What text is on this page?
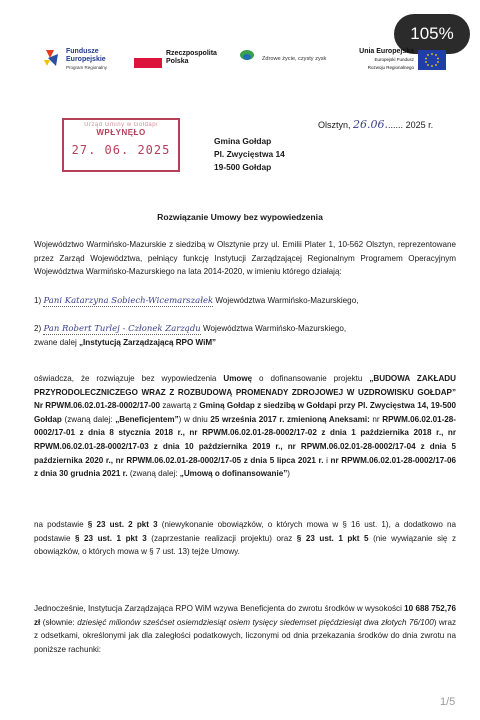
105%
Fundusze
Europejskie
Program Regionalny
Rzeczpospolita
Polska	Zdrowe życie, czysty zysk
Unia Europejska
Europejski Fundusz
Rozwoju Regionalnego
Urząd Gminy w Gołdapi
WPŁYNĘŁO
27. 06. 2025
Olsztyn, 26.06....... 2025 r.
Gmina Gołdap
Pl. Zwycięstwa 14
19-500 Gołdap
Rozwiązanie Umowy bez wypowiedzenia
Województwo Warmińsko-Mazurskie z siedzibą w Olsztynie przy ul. Emilii Plater 1, 10-562 Olsztyn, reprezentowane przez Zarząd Województwa, pełniący funkcję Instytucji Zarządzającej Regionalnym Programem Operacyjnym Województwa Warmińsko-Mazurskiego na lata 2014-2020, w imieniu którego działają:
1) Pani Katarzyna Sobiech-Wicemarszałek Województwa Warmińsko-Mazurskiego,
2) Pan Robert Turlej - Członek Zarządu Województwa Warmińsko-Mazurskiego,
zwane dalej „Instytucją Zarządzającą RPO WiM”
oświadcza, że rozwiązuje bez wypowiedzenia Umowę o dofinansowanie projektu „BUDOWA ZAKŁADU PRZYRODOLECZNICZEGO WRAZ Z ROZBUDOWĄ PROMENADY ZDROJOWEJ W UZDROWISKU GOŁDAP” Nr RPWM.06.02.01-28-0002/17-00 zawartą z Gminą Gołdap z siedzibą w Gołdapi przy Pl. Zwycięstwa 14, 19-500 Gołdap (zwaną dalej: „Beneficjentem”) w dniu 25 września 2017 r. zmienioną Aneksami: nr RPWM.06.02.01-28-0002/17-01 z dnia 8 stycznia 2018 r., nr RPWM.06.02.01-28-0002/17-02 z dnia 1 października 2018 r., nr RPWM.06.02.01-28-0002/17-03 z dnia 10 października 2019 r., nr RPWM.06.02.01-28-0002/17-04 z dnia 5 października 2020 r., nr RPWM.06.02.01-28-0002/17-05 z dnia 5 lipca 2021 r. i nr RPWM.06.02.01-28-0002/17-06 z dnia 30 grudnia 2021 r. (zwaną dalej: „Umową o dofinansowanie”)
na podstawie § 23 ust. 2 pkt 3 (niewykonanie obowiązków, o których mowa w § 16 ust. 1), a dodatkowo na podstawie § 23 ust. 1 pkt 3 (zaprzestanie realizacji projektu) oraz § 23 ust. 1 pkt 5 (nie wywiązanie się z obowiązków, o których mowa w § 7 ust. 13) tejże Umowy.
Jednocześnie, Instytucja Zarządzająca RPO WiM wzywa Beneficjenta do zwrotu środków w wysokości 10 688 752,76 zł (słownie: dziesięć milionów sześćset osiemdziesiąt osiem tysięcy siedemset pięćdziesiąt dwa złotych 76/100) wraz z odsetkami, określonymi jak dla zaległości podatkowych, liczonymi od dnia przekazania środków do dnia zwrotu na poniższe rachunki:
1/5
